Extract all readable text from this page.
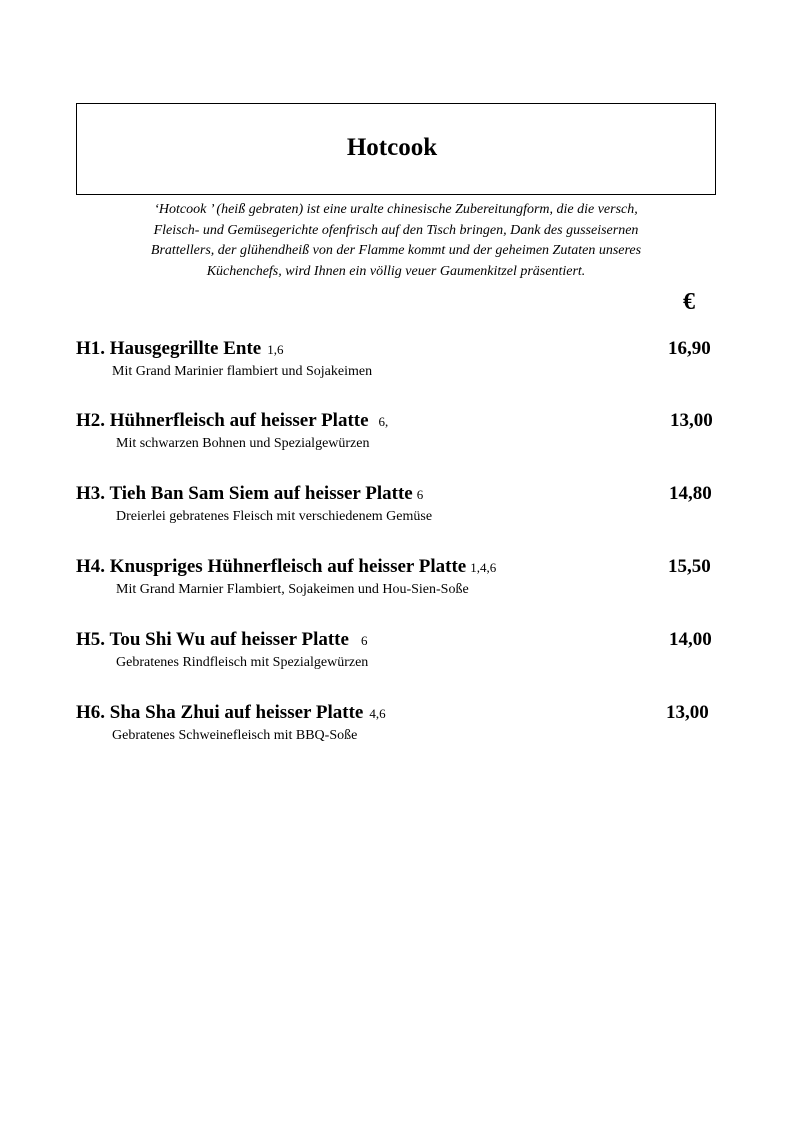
Hotcook
‘Hotcook ’ (heiß gebraten) ist eine uralte chinesische Zubereitungform, die die versch,
Fleisch- und Gemüsegerichte ofenfrisch auf den Tisch bringen, Dank des gusseisernen
Brattellers, der glühendheiß von der Flamme kommt und der geheimen Zutaten unseres
Küchenchefs, wird Ihnen ein völlig veuer Gaumenkitzel präsentiert.
€
H1. Hausgegrillte Ente 1,6	16,90
Mit Grand Marinier flambiert und Sojakeimen
H2. Hühnerfleisch auf heisser Platte 6,	13,00
Mit schwarzen Bohnen und Spezialgewürzen
H3. Tieh Ban Sam Siem auf heisser Platte 6	14,80
Dreierlei gebratenes Fleisch mit verschiedenem Gemüse
H4. Knuspriges Hühnerfleisch auf heisser Platte 1,4,6	15,50
Mit Grand Marnier Flambiert, Sojakeimen und Hou-Sien-Soße
H5. Tou Shi Wu auf heisser Platte 6	14,00
Gebratenes Rindfleisch mit Spezialgewürzen
H6. Sha Sha Zhui auf heisser Platte 4,6	13,00
Gebratenes Schweinefleisch mit BBQ-Soße
